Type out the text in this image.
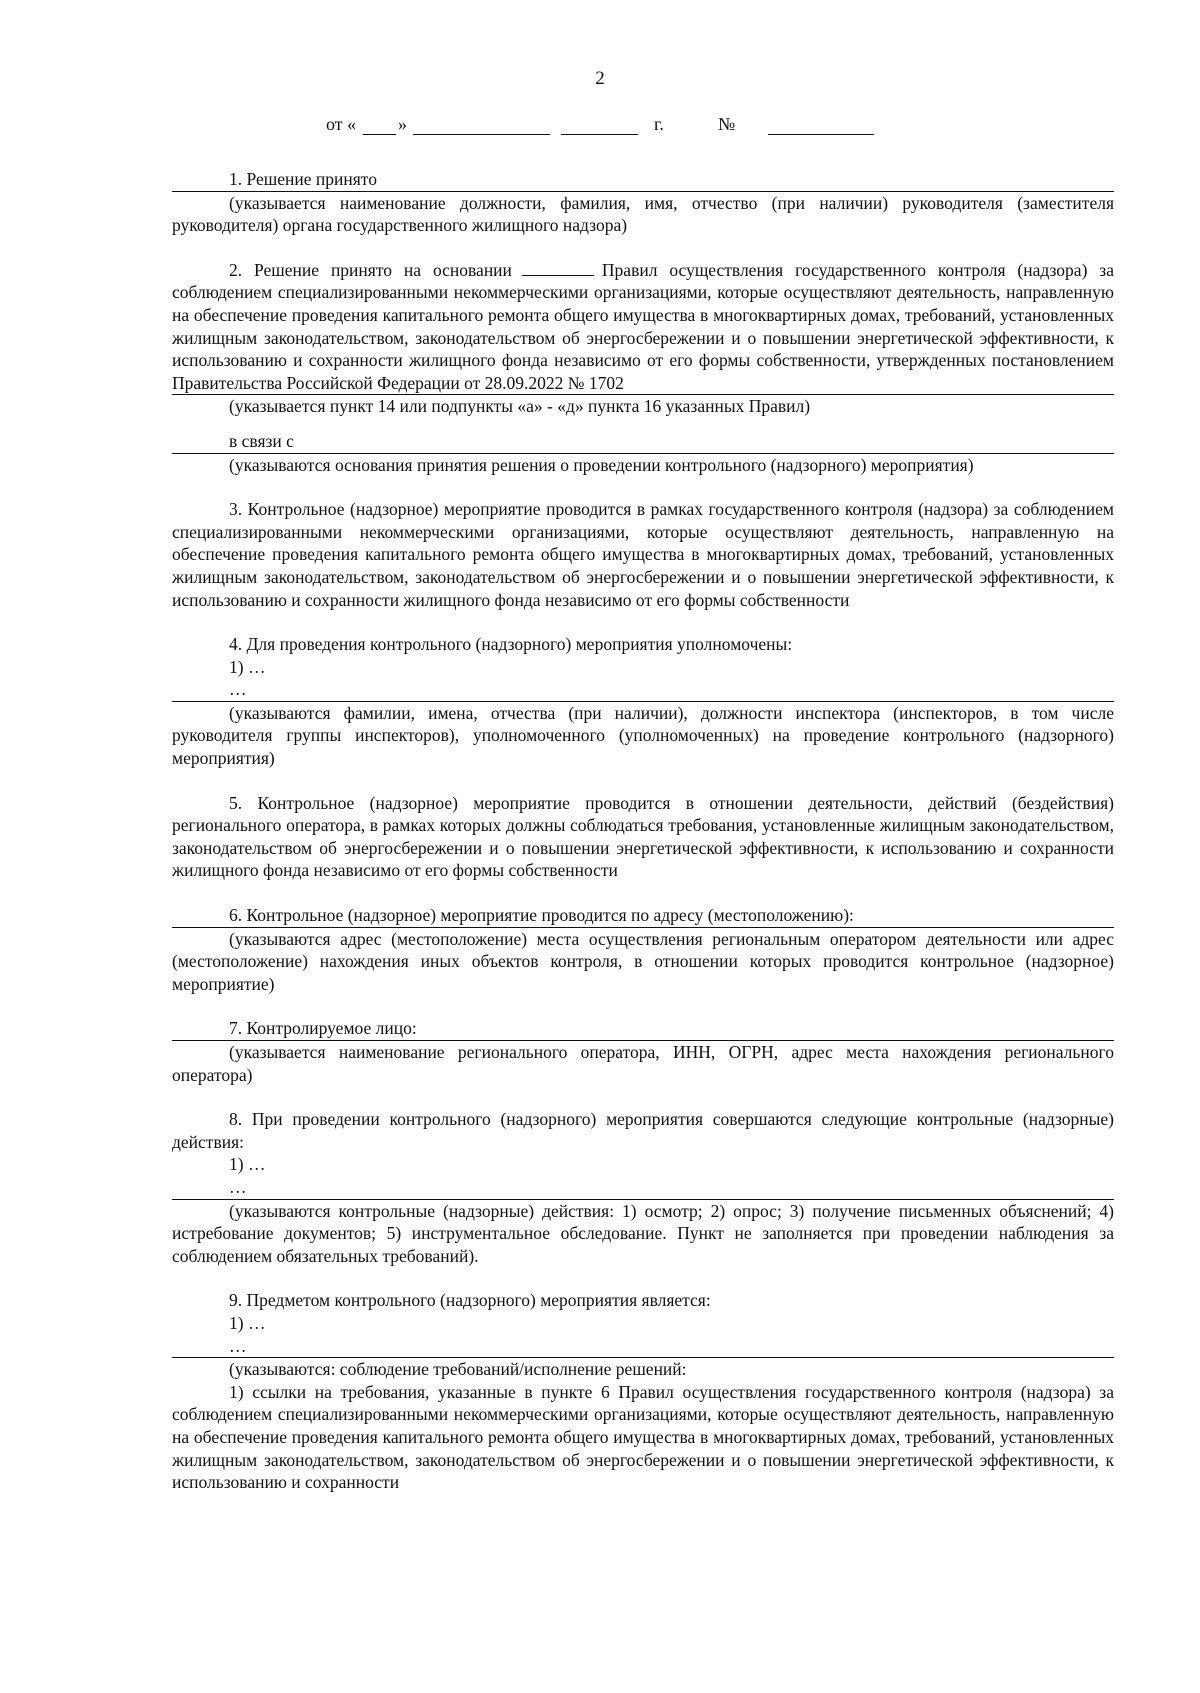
2
от « »	г.	№
1. Решение принято
(указывается наименование должности, фамилия, имя, отчество (при наличии) руководителя (заместителя руководителя) органа государственного жилищного надзора)
2. Решение принято на основании	Правил осуществления государственного контроля (надзора) за соблюдением специализированными некоммерческими организациями, которые осуществляют деятельность, направленную на обеспечение проведения капитального ремонта общего имущества в многоквартирных домах, требований, установленных жилищным законодательством, законодательством об энергосбережении и о повышении энергетической эффективности, к использованию и сохранности жилищного фонда независимо от его формы собственности, утвержденных постановлением Правительства Российской Федерации от 28.09.2022 № 1702
(указывается пункт 14 или подпункты «а» - «д» пункта 16 указанных Правил)
в связи с
(указываются основания принятия решения о проведении контрольного (надзорного) мероприятия)
3. Контрольное (надзорное) мероприятие проводится в рамках государственного контроля (надзора) за соблюдением специализированными некоммерческими организациями, которые осуществляют деятельность, направленную на обеспечение проведения капитального ремонта общего имущества в многоквартирных домах, требований, установленных жилищным законодательством, законодательством об энергосбережении и о повышении энергетической эффективности, к использованию и сохранности жилищного фонда независимо от его формы собственности
4. Для проведения контрольного (надзорного) мероприятия уполномочены:
1) …
…
(указываются фамилии, имена, отчества (при наличии), должности инспектора (инспекторов, в том числе руководителя группы инспекторов), уполномоченного (уполномоченных) на проведение контрольного (надзорного) мероприятия)
5. Контрольное (надзорное) мероприятие проводится в отношении деятельности, действий (бездействия) регионального оператора, в рамках которых должны соблюдаться требования, установленные жилищным законодательством, законодательством об энергосбережении и о повышении энергетической эффективности, к использованию и сохранности жилищного фонда независимо от его формы собственности
6. Контрольное (надзорное) мероприятие проводится по адресу (местоположению):
(указываются адрес (местоположение) места осуществления региональным оператором деятельности или адрес (местоположение) нахождения иных объектов контроля, в отношении которых проводится контрольное (надзорное) мероприятие)
7. Контролируемое лицо:
(указывается наименование регионального оператора, ИНН, ОГРН, адрес места нахождения регионального оператора)
8. При проведении контрольного (надзорного) мероприятия совершаются следующие контрольные (надзорные) действия:
1) …
…
(указываются контрольные (надзорные) действия: 1) осмотр; 2) опрос; 3) получение письменных объяснений; 4) истребование документов; 5) инструментальное обследование. Пункт не заполняется при проведении наблюдения за соблюдением обязательных требований).
9. Предметом контрольного (надзорного) мероприятия является:
1) …
…
(указываются: соблюдение требований/исполнение решений:
1) ссылки на требования, указанные в пункте 6 Правил осуществления государственного контроля (надзора) за соблюдением специализированными некоммерческими организациями, которые осуществляют деятельность, направленную на обеспечение проведения капитального ремонта общего имущества в многоквартирных домах, требований, установленных жилищным законодательством, законодательством об энергосбережении и о повышении энергетической эффективности, к использованию и сохранности
